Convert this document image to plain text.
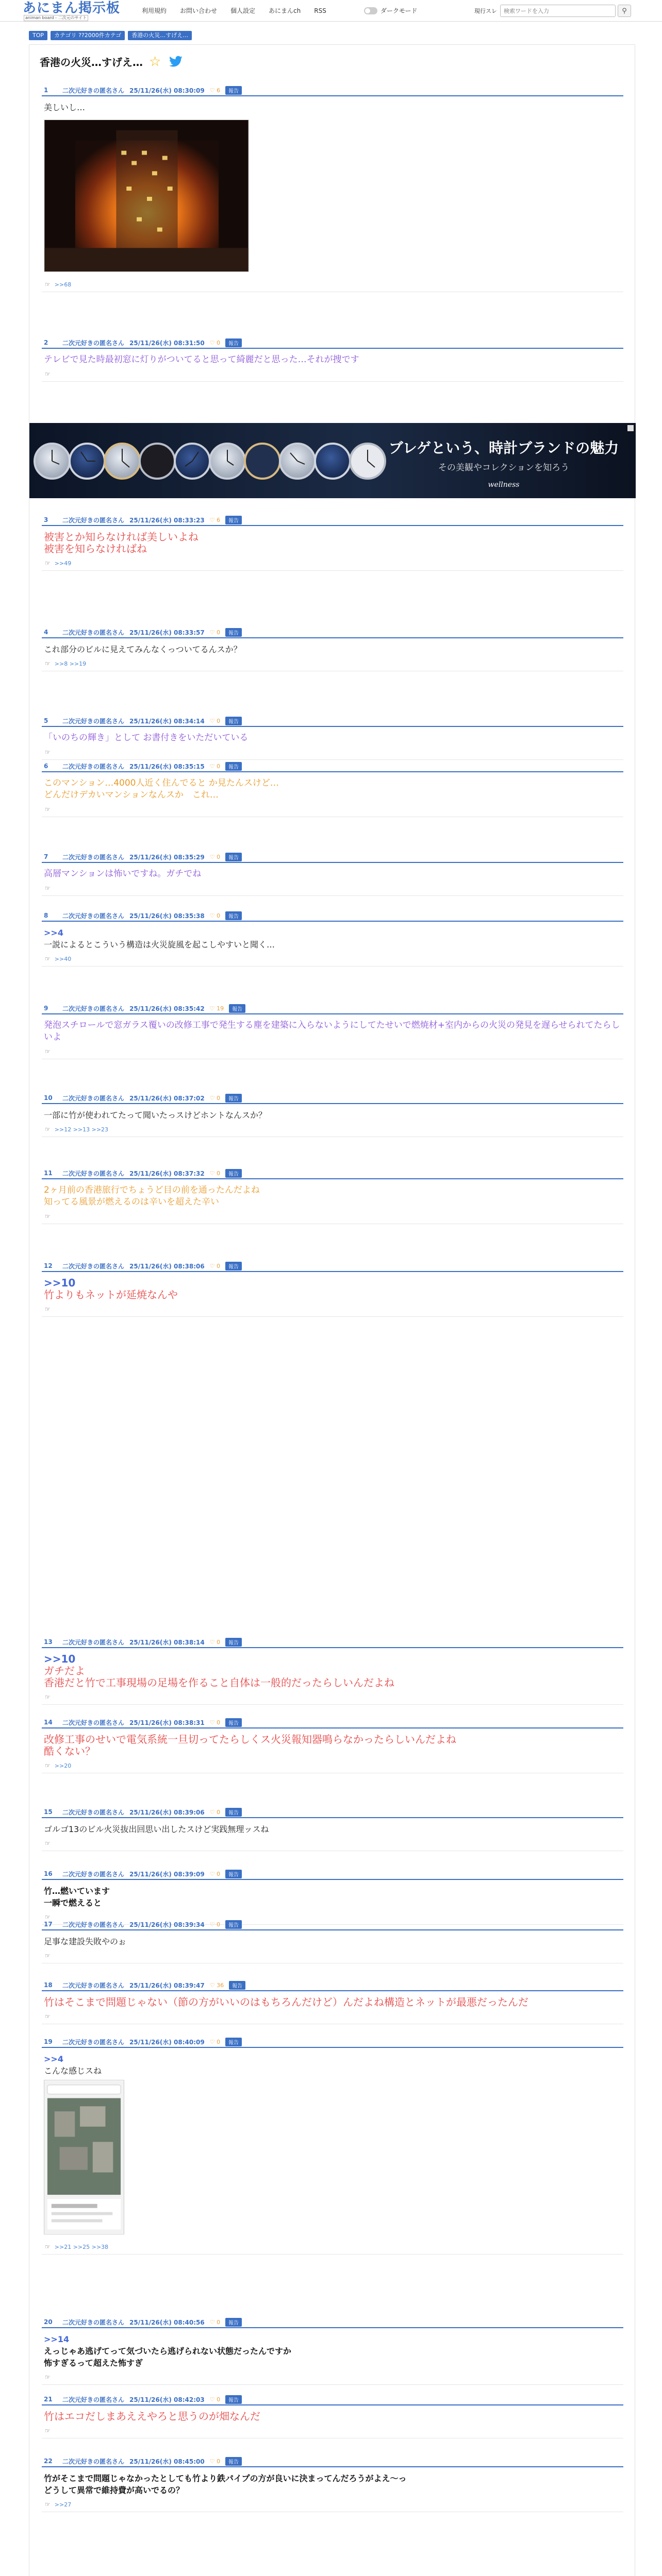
あにまん掲示板
animan board - 二次元のサイト
利用規約	お問い合わせ	個人設定	あにまんch	RSS	ダークモード	現行スレ
検索ワードを入力	⚲
TOP	カテゴリ ??2000件カテゴ	香港の火災…すげえ…
香港の火災…すげえ… ☆
ブレゲという、時計ブランドの魅力
その美観やコレクションを知ろう
wellness
1	二次元好きの匿名さん 25/11/26(水) 08:30:09 ♡ 6	報告
美しいし…
☞ >>68
2	二次元好きの匿名さん 25/11/26(水) 08:31:50 ♡ 0	報告
テレビで見た時最初窓に灯りがついてると思って綺麗だと思った…それが捜です
☞
3	二次元好きの匿名さん 25/11/26(水) 08:33:23 ♡ 6	報告
被害とか知らなければ美しいよね
被害を知らなければね
☞ >>49
4	二次元好きの匿名さん 25/11/26(水) 08:33:57 ♡ 0	報告
これ部分のビルに見えてみんなくっついてるんスか？
☞ >>8 >>19
5	二次元好きの匿名さん 25/11/26(水) 08:34:14 ♡ 0	報告
「いのちの輝き」として お書付きをいただいている
☞
6	二次元好きの匿名さん 25/11/26(水) 08:35:15 ♡ 0	報告
このマンション…4000人近く住んでると か見たんスけど…
どんだけデカいマンションなんスか　これ…
☞
7	二次元好きの匿名さん 25/11/26(水) 08:35:29 ♡ 0	報告
高層マンションは怖いですね。ガチでね
☞
8	二次元好きの匿名さん 25/11/26(水) 08:35:38 ♡ 0	報告
>>4
一説によるとこういう構造は火災旋風を起こしやすいと聞く…
☞ >>40
9	二次元好きの匿名さん 25/11/26(水) 08:35:42 ♡ 19	報告
発泡スチロールで窓ガラス覆いの改修工事で発生する塵を建築に入らないようにしてたせいで燃焼材+室内からの火災の発見を遅らせられてたらしいよ
☞
10	二次元好きの匿名さん 25/11/26(水) 08:37:02 ♡ 0	報告
一部に竹が使われてたって聞いたっスけどホントなんスか？
☞ >>12 >>13 >>23
11	二次元好きの匿名さん 25/11/26(水) 08:37:32 ♡ 0	報告
2ヶ月前の香港旅行でちょうど目の前を通ったんだよね
知ってる風景が燃えるのは辛いを超えた辛い
☞
12	二次元好きの匿名さん 25/11/26(水) 08:38:06 ♡ 0	報告
>>10
竹よりもネットが延焼なんや
☞
13	二次元好きの匿名さん 25/11/26(水) 08:38:14 ♡ 0	報告
>>10
ガチだよ
香港だと竹で工事現場の足場を作ること自体は一般的だったらしいんだよね
☞
14	二次元好きの匿名さん 25/11/26(水) 08:38:31 ♡ 0	報告
改修工事のせいで電気系統一旦切ってたらしくス火災報知器鳴らなかったらしいんだよね
酷くない？
☞ >>20
15	二次元好きの匿名さん 25/11/26(水) 08:39:06 ♡ 0	報告
ゴルゴ13のビル火災抜出回思い出したスけど実践無理ッスね
☞
16	二次元好きの匿名さん 25/11/26(水) 08:39:09 ♡ 0	報告
竹…燃いています
一瞬で燃えると
☞
17	二次元好きの匿名さん 25/11/26(水) 08:39:34 ♡ 0	報告
足事な建設失敗やのぉ
☞
18	二次元好きの匿名さん 25/11/26(水) 08:39:47 ♡ 36	報告
竹はそこまで問題じゃない（節の方がいいのはもちろんだけど）んだよね構造とネットが最悪だったんだ
☞
19	二次元好きの匿名さん 25/11/26(水) 08:40:09 ♡ 0	報告
>>4
こんな感じスね
☞ >>21 >>25 >>38
20	二次元好きの匿名さん 25/11/26(水) 08:40:56 ♡ 0	報告
>>14
えっじゃあ逃げてって気づいたら逃げられない状態だったんですか
怖すぎるって超えた怖すぎ
☞
21	二次元好きの匿名さん 25/11/26(水) 08:42:03 ♡ 0	報告
竹はエコだしまあええやろと思うのが畑なんだ
☞
22	二次元好きの匿名さん 25/11/26(水) 08:45:00 ♡ 0	報告
竹がそこまで問題じゃなかったとしても竹より鉄パイプの方が良いに決まってんだろうがよえ～っ
どうして異常で維持費が高いでるの？
☞ >>27
